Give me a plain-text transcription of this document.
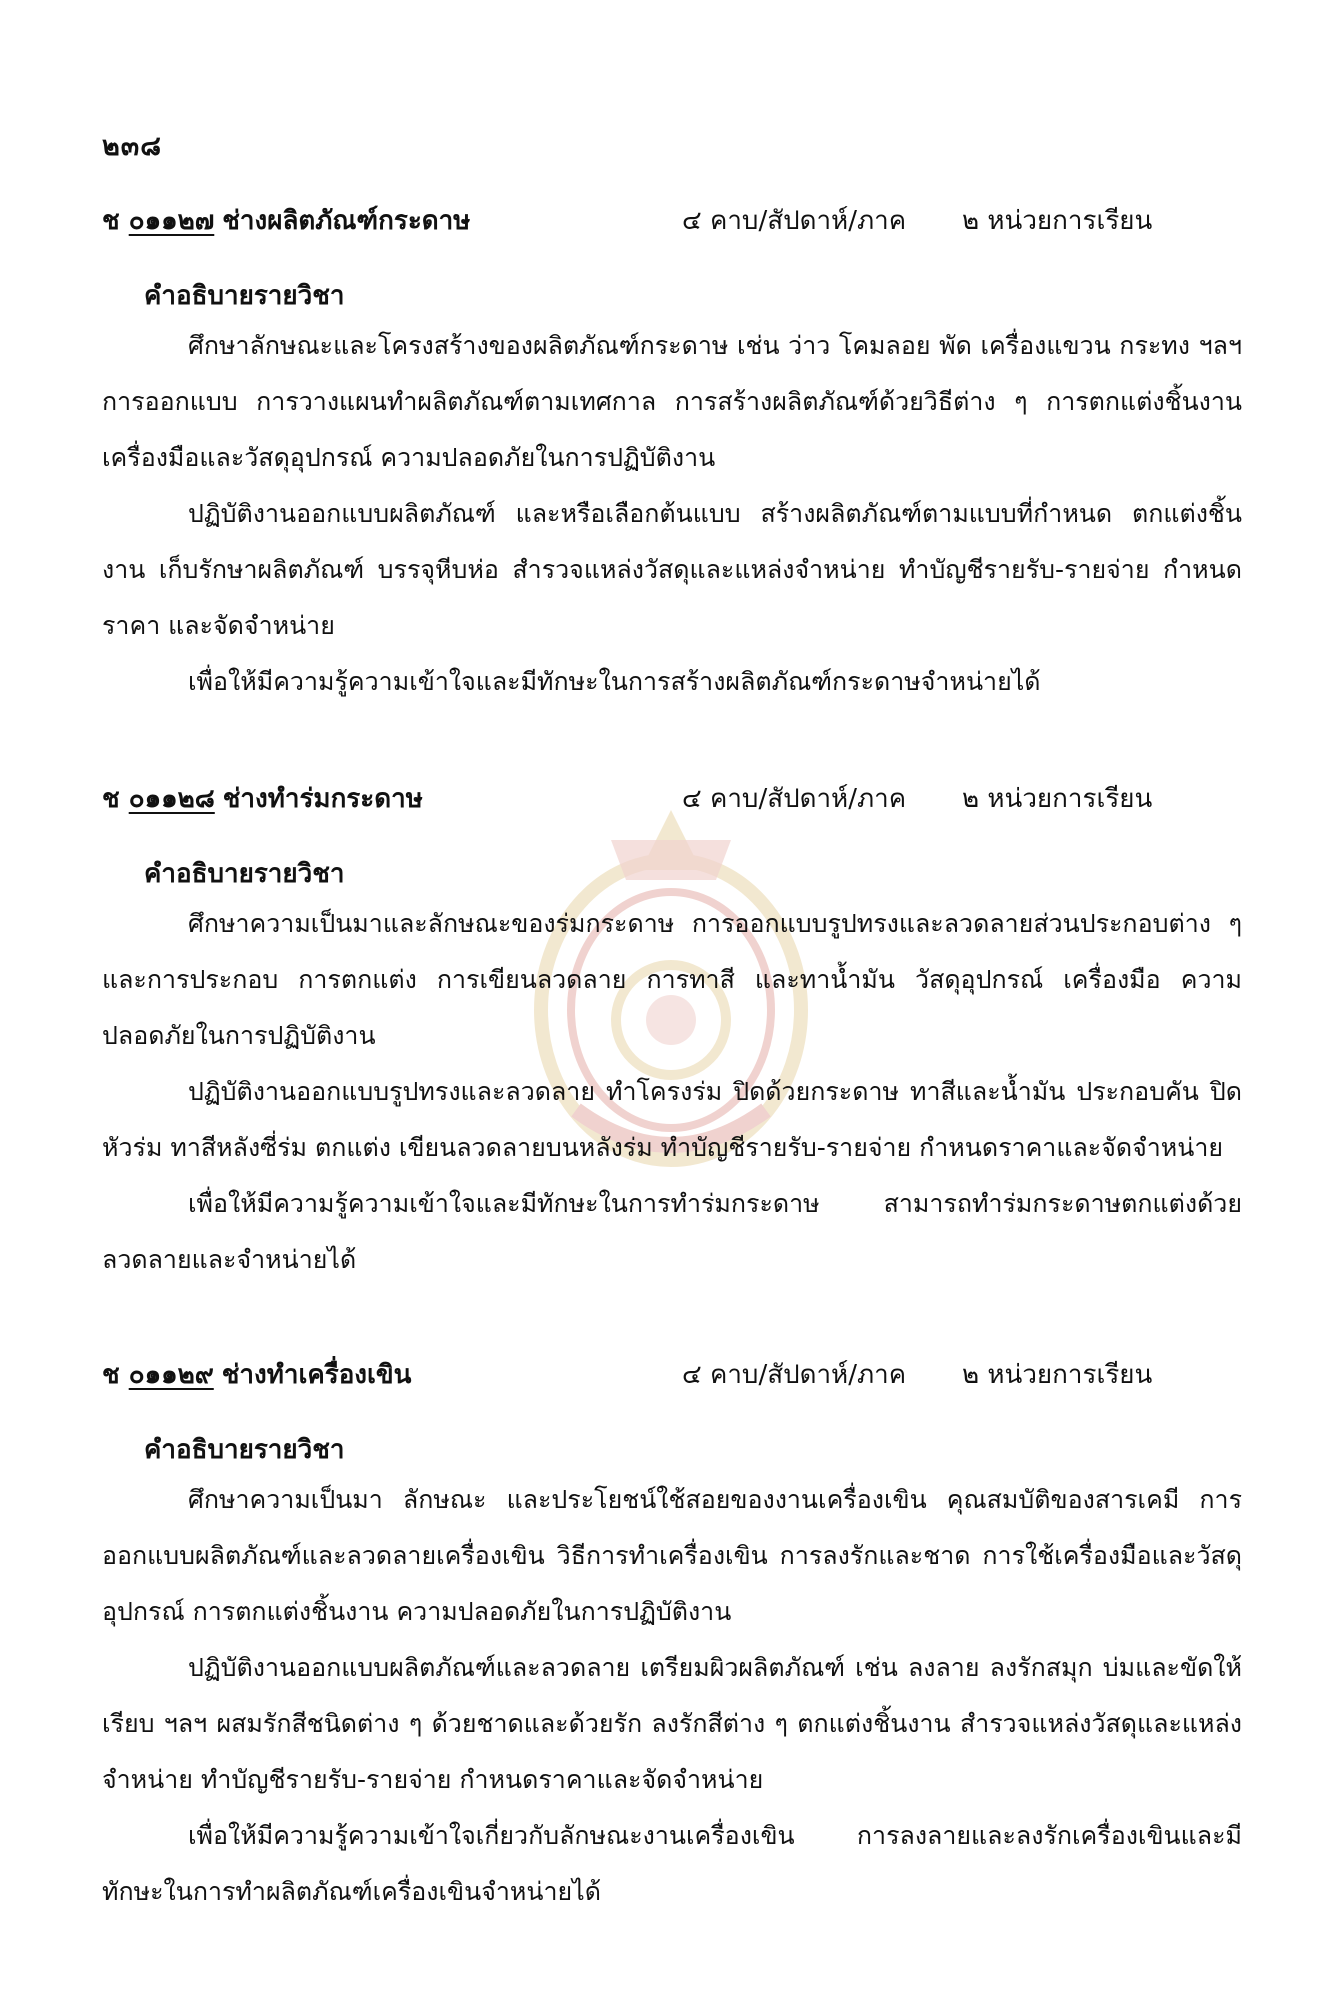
๒๓๘
ช ๐๑๑๒๗ ช่างผลิตภัณฑ์กระดาษ	๔ คาบ/สัปดาห์/ภาค ๒ หน่วยการเรียน
คำอธิบายรายวิชา

ศึกษาลักษณะและโครงสร้างของผลิตภัณฑ์กระดาษ เช่น ว่าว โคมลอย พัด เครื่องแขวน กระทง ฯลฯ การออกแบบ การวางแผนทำผลิตภัณฑ์ตามเทศกาล การสร้างผลิตภัณฑ์ด้วยวิธีต่าง ๆ การตกแต่งชิ้นงาน เครื่องมือและวัสดุอุปกรณ์ ความปลอดภัยในการปฏิบัติงาน

ปฏิบัติงานออกแบบผลิตภัณฑ์ และหรือเลือกต้นแบบ สร้างผลิตภัณฑ์ตามแบบที่กำหนด ตกแต่งชิ้นงาน เก็บรักษาผลิตภัณฑ์ บรรจุหีบห่อ สำรวจแหล่งวัสดุและแหล่งจำหน่าย ทำบัญชีรายรับ-รายจ่าย กำหนดราคา และจัดจำหน่าย

เพื่อให้มีความรู้ความเข้าใจและมีทักษะในการสร้างผลิตภัณฑ์กระดาษจำหน่ายได้

ช ๐๑๑๒๘ ช่างทำร่มกระดาษ	๔ คาบ/สัปดาห์/ภาค ๒ หน่วยการเรียน
คำอธิบายรายวิชา

ศึกษาความเป็นมาและลักษณะของร่มกระดาษ การออกแบบรูปทรงและลวดลายส่วนประกอบต่าง ๆ และการประกอบ การตกแต่ง การเขียนลวดลาย การทาสี และทาน้ำมัน วัสดุอุปกรณ์ เครื่องมือ ความปลอดภัยในการปฏิบัติงาน

ปฏิบัติงานออกแบบรูปทรงและลวดลาย ทำโครงร่ม ปิดด้วยกระดาษ ทาสีและน้ำมัน ประกอบคัน ปิดหัวร่ม ทาสีหลังซี่ร่ม ตกแต่ง เขียนลวดลายบนหลังร่ม ทำบัญชีรายรับ-รายจ่าย กำหนดราคาและจัดจำหน่าย

เพื่อให้มีความรู้ความเข้าใจและมีทักษะในการทำร่มกระดาษ สามารถทำร่มกระดาษตกแต่งด้วยลวดลายและจำหน่ายได้

ช ๐๑๑๒๙ ช่างทำเครื่องเขิน	๔ คาบ/สัปดาห์/ภาค ๒ หน่วยการเรียน
คำอธิบายรายวิชา

ศึกษาความเป็นมา ลักษณะ และประโยชน์ใช้สอยของงานเครื่องเขิน คุณสมบัติของสารเคมี การออกแบบผลิตภัณฑ์และลวดลายเครื่องเขิน วิธีการทำเครื่องเขิน การลงรักและชาด การใช้เครื่องมือและวัสดุอุปกรณ์ การตกแต่งชิ้นงาน ความปลอดภัยในการปฏิบัติงาน

ปฏิบัติงานออกแบบผลิตภัณฑ์และลวดลาย เตรียมผิวผลิตภัณฑ์ เช่น ลงลาย ลงรักสมุก บ่มและขัดให้เรียบ ฯลฯ ผสมรักสีชนิดต่าง ๆ ด้วยชาดและด้วยรัก ลงรักสีต่าง ๆ ตกแต่งชิ้นงาน สำรวจแหล่งวัสดุและแหล่งจำหน่าย ทำบัญชีรายรับ-รายจ่าย กำหนดราคาและจัดจำหน่าย

เพื่อให้มีความรู้ความเข้าใจเกี่ยวกับลักษณะงานเครื่องเขิน การลงลายและลงรักเครื่องเขินและมีทักษะในการทำผลิตภัณฑ์เครื่องเขินจำหน่ายได้
